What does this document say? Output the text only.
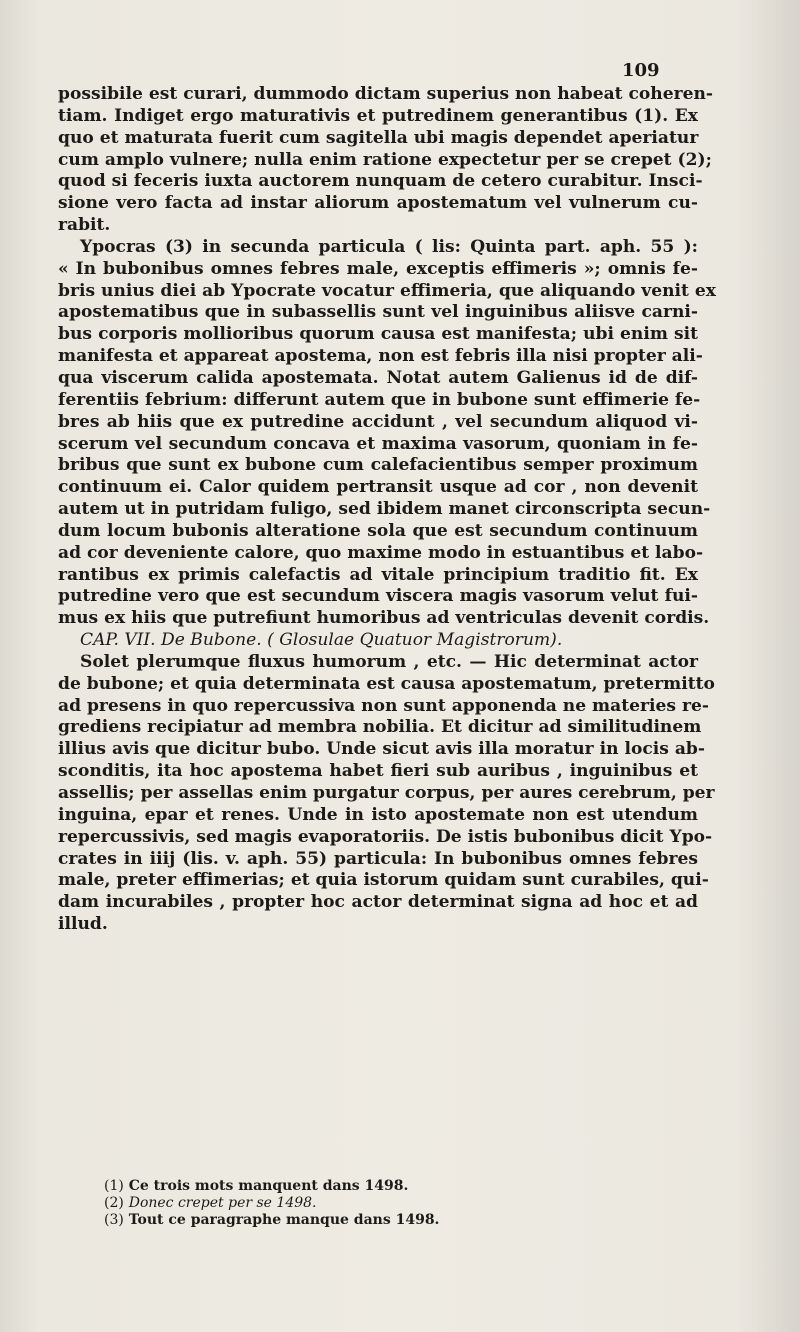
109
possibile est curari, dummodo dictam superius non habeat coheren-
tiam. Indiget ergo maturativis et putredinem generantibus (1). Ex
quo et maturata fuerit cum sagitella ubi magis dependet aperiatur
cum amplo vulnere; nulla enim ratione expectetur per se crepet (2);
quod si feceris iuxta auctorem nunquam de cetero curabitur. Insci-
sione vero facta ad instar aliorum apostematum vel vulnerum cu-
rabit.
Ypocras (3) in secunda particula ( lis: Quinta part. aph. 55 ):
« In bubonibus omnes febres male, exceptis effimeris »; omnis fe-
bris unius diei ab Ypocrate vocatur effimeria, que aliquando venit ex
apostematibus que in subassellis sunt vel inguinibus aliisve carni-
bus corporis mollioribus quorum causa est manifesta; ubi enim sit
manifesta et appareat apostema, non est febris illa nisi propter ali-
qua viscerum calida apostemata. Notat autem Galienus id de dif-
ferentiis febrium: differunt autem que in bubone sunt effimerie fe-
bres ab hiis que ex putredine accidunt , vel secundum aliquod vi-
scerum vel secundum concava et maxima vasorum, quoniam in fe-
bribus que sunt ex bubone cum calefacientibus semper proximum
continuum ei. Calor quidem pertransit usque ad cor , non devenit
autem ut in putridam fuligo, sed ibidem manet circonscripta secun-
dum locum bubonis alteratione sola que est secundum continuum
ad cor deveniente calore, quo maxime modo in estuantibus et labo-
rantibus ex primis calefactis ad vitale principium traditio fit. Ex
putredine vero que est secundum viscera magis vasorum velut fui-
mus ex hiis que putrefiunt humoribus ad ventriculas devenit cordis.
CAP. VII. De Bubone. ( Glosulae Quatuor Magistrorum).
Solet plerumque fluxus humorum , etc. — Hic determinat actor
de bubone; et quia determinata est causa apostematum, pretermitto
ad presens in quo repercussiva non sunt apponenda ne materies re-
grediens recipiatur ad membra nobilia. Et dicitur ad similitudinem
illius avis que dicitur bubo. Unde sicut avis illa moratur in locis ab-
sconditis, ita hoc apostema habet fieri sub auribus , inguinibus et
assellis; per assellas enim purgatur corpus, per aures cerebrum, per
inguina, epar et renes. Unde in isto apostemate non est utendum
repercussivis, sed magis evaporatoriis. De istis bubonibus dicit Ypo-
crates in iiij (lis. v. aph. 55) particula: In bubonibus omnes febres
male, preter effimerias; et quia istorum quidam sunt curabiles, qui-
dam incurabiles , propter hoc actor determinat signa ad hoc et ad
illud.
(1) Ce trois mots manquent dans 1498.
(2) Donec crepet per se 1498.
(3) Tout ce paragraphe manque dans 1498.
